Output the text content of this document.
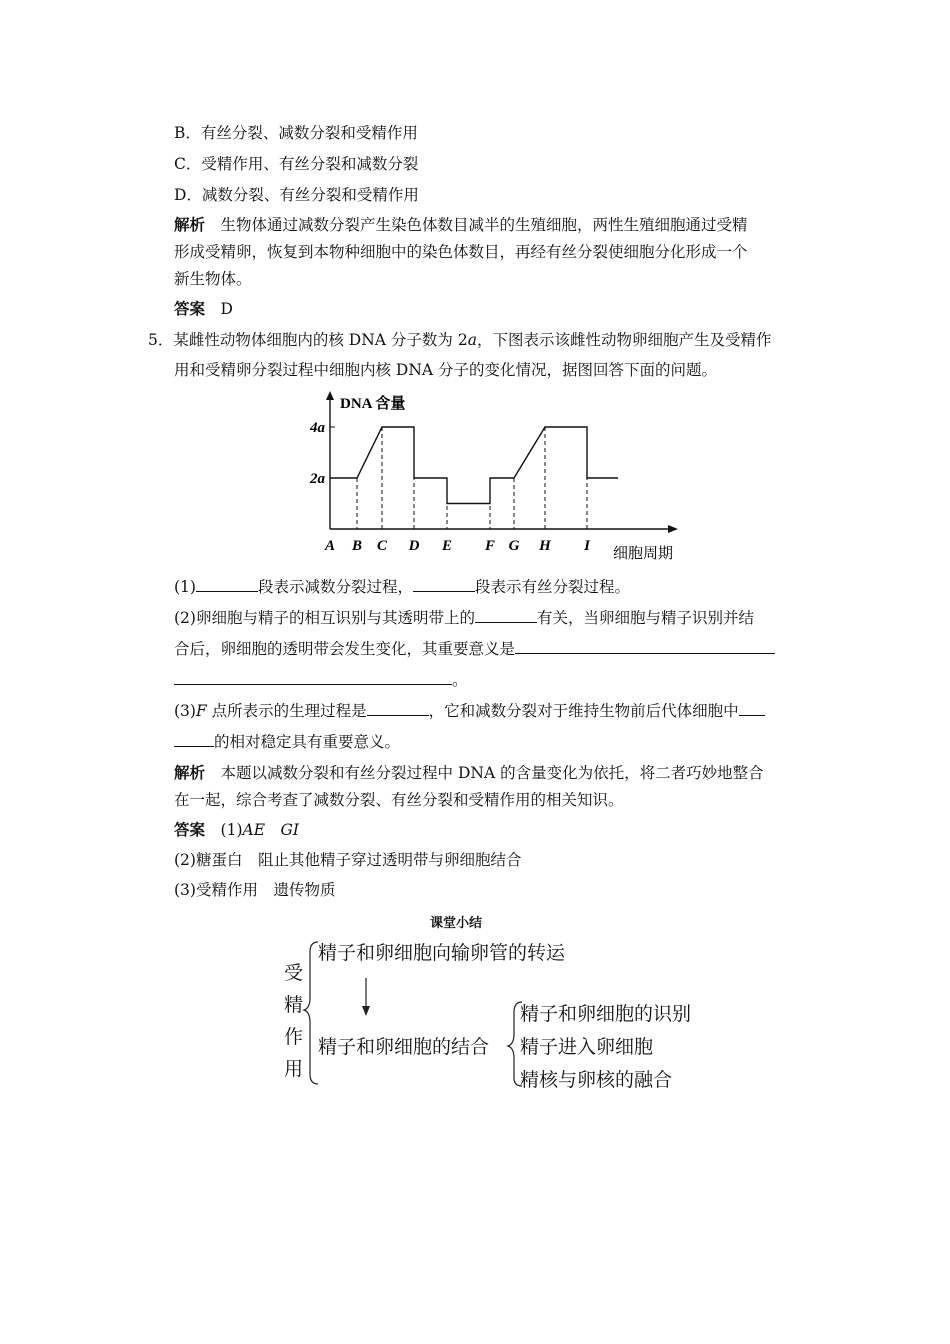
B．有丝分裂、减数分裂和受精作用
C．受精作用、有丝分裂和减数分裂
D．减数分裂、有丝分裂和受精作用
解析　 生物体通过减数分裂产生染色体数目减半的生殖细胞，两性生殖细胞通过受精
形成受精卵，恢复到本物种细胞中的染色体数目，再经有丝分裂使细胞分化形成一个
新生物体。
答案　 D
5．某雌性动物体细胞内的核 DNA 分子数为 2a，下图表示该雌性动物卵细胞产生及受精作
用和受精卵分裂过程中细胞内核 DNA 分子的变化情况，据图回答下面的问题。
2a
4a
DNA 含量
细胞周期
A B C D E F G H I
(1)	段表示减数分裂过程，	段表示有丝分裂过程。
(2)卵细胞与精子的相互识别与其透明带上的	有关，当卵细胞与精子识别并结
合后，卵细胞的透明带会发生变化，其重要意义是
。
(3)F 点所表示的生理过程是	，它和减数分裂对于维持生物前后代体细胞中
的相对稳定具有重要意义。
解析　 本题以减数分裂和有丝分裂过程中 DNA 的含量变化为依托，将二者巧妙地整合
在一起，综合考查了减数分裂、有丝分裂和受精作用的相关知识。
答案　 (1)AE　 GI
(2)糖蛋白　阻止其他精子穿过透明带与卵细胞结合
(3)受精作用　遗传物质
课堂小结
受
精
作
用
精子和卵细胞向输卵管的转运
精子和卵细胞的结合
精子和卵细胞的识别
精子进入卵细胞
精核与卵核的融合
